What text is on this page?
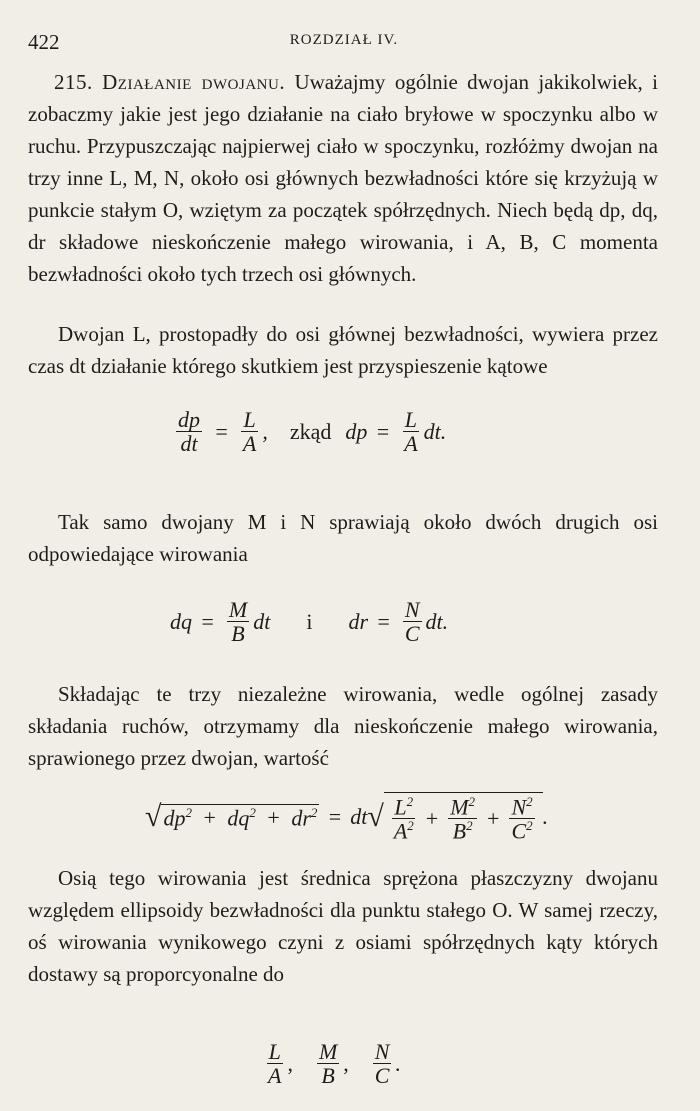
422	ROZDZIAŁ IV.

215. Działanie dwojanu. Uważajmy ogólnie dwojan jakikolwiek, i zobaczmy jakie jest jego działanie na ciało bryłowe w spoczynku albo w ruchu. Przypuszczając najpierwej ciało w spoczynku, rozłóżmy dwojan na trzy inne L, M, N, około osi głównych bezwładności które się krzyżują w punkcie stałym O, wziętym za początek spółrzędnych. Niech będą dp, dq, dr składowe nieskończenie małego wirowania, i A, B, C momenta bezwładności około tych trzech osi głównych.

Dwojan L, prostopadły do osi głównej bezwładności, wywiera przez czas dt działanie którego skutkiem jest przyspieszenie kątowe

$\frac{dp}{dt} = \frac{L}{A}$ , zkąd dp = $\frac{L}{A}$ dt.

Tak samo dwojany M i N sprawiają około dwóch drugich osi odpowiedające wirowania

dq = $\frac{M}{B}$ dt i dr = $\frac{N}{C}$ dt.

Składając te trzy niezależne wirowania, wedle ogólnej zasady składania ruchów, otrzymamy dla nieskończenie małego wirowania, sprawionego przez dwojan, wartość

√ $dp^2 + dq^2 + dr^2$ = dt √ $\frac{L^2}{A^2} + \frac{M^2}{B^2} + \frac{N^2}{C^2}$ .

Osią tego wirowania jest średnica sprężona płaszczyzny dwojanu względem ellipsoidy bezwładności dla punktu stałego O. W samej rzeczy, oś wirowania wynikowego czyni z osiami spółrzędnych kąty których dostawy są proporcyonalne do

$\frac{L}{A}$ , $\frac{M}{B}$ , $\frac{N}{C}$ .
